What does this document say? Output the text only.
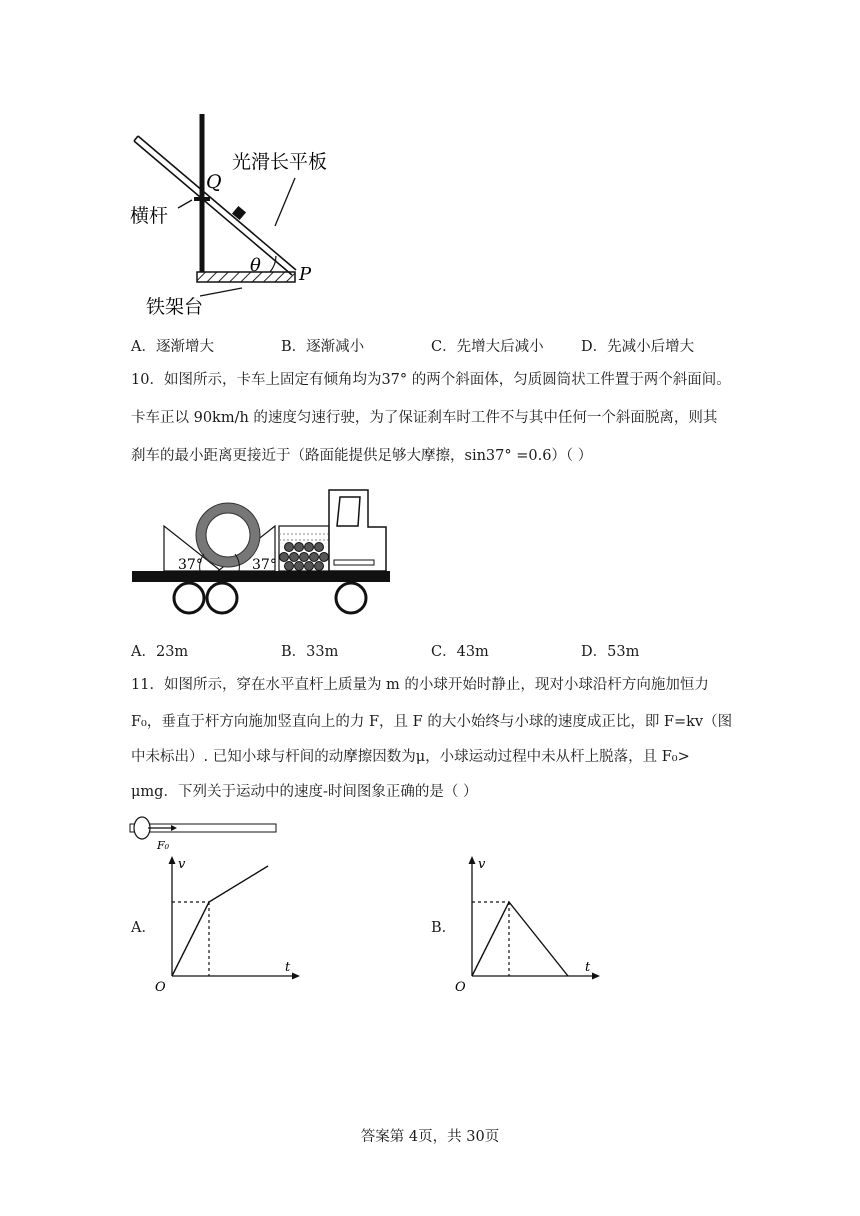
光滑长平板
Q
横杆
θ P
铁架台
A．逐渐增大	B．逐渐减小	C．先增大后减小	D．先减小后增大
10．如图所示，卡车上固定有倾角均为37° 的两个斜面体，匀质圆筒状工件置于两个斜面间。
卡车正以 90km/h 的速度匀速行驶，为了保证刹车时工件不与其中任何一个斜面脱离，则其
刹车的最小距离更接近于（路面能提供足够大摩擦，sin37° =0.6）（ ）
37°	37°
A．23m	B．33m	C．43m	D．53m
11．如图所示，穿在水平直杆上质量为 m 的小球开始时静止，现对小球沿杆方向施加恒力
F₀，垂直于杆方向施加竖直向上的力 F，且 F 的大小始终与小球的速度成正比，即 F=kv（图
中未标出）. 已知小球与杆间的动摩擦因数为μ，小球运动过程中未从杆上脱落，且 F₀>
μmg．下列关于运动中的速度-时间图象正确的是（ ）
F₀
A．
v
t
O
B．
v
t
O
答案第 4页，共 30页
